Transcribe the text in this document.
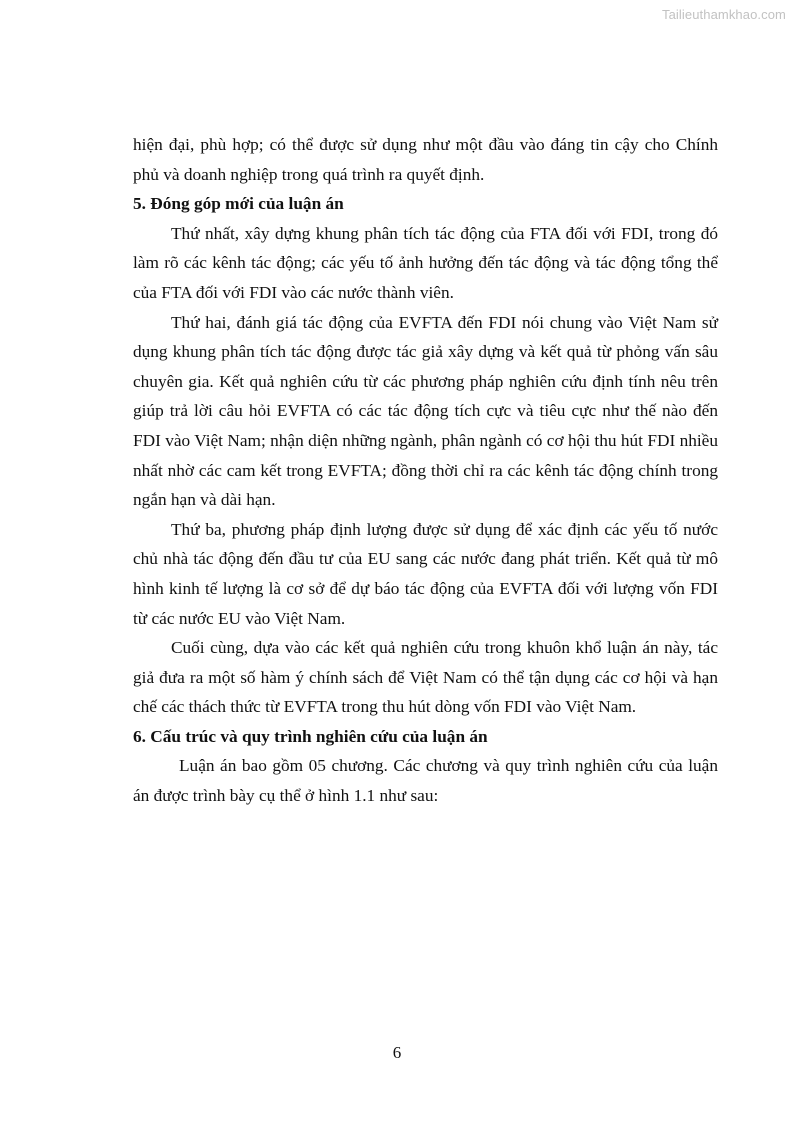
Tailieuthamkhao.com

hiện đại, phù hợp; có thể được sử dụng như một đầu vào đáng tin cậy cho Chính phủ và doanh nghiệp trong quá trình ra quyết định.

5. Đóng góp mới của luận án

Thứ nhất, xây dựng khung phân tích tác động của FTA đối với FDI, trong đó làm rõ các kênh tác động; các yếu tố ảnh hưởng đến tác động và tác động tổng thể của FTA đối với FDI vào các nước thành viên.

Thứ hai, đánh giá tác động của EVFTA đến FDI nói chung vào Việt Nam sử dụng khung phân tích tác động được tác giả xây dựng và kết quả từ phỏng vấn sâu chuyên gia. Kết quả nghiên cứu từ các phương pháp nghiên cứu định tính nêu trên giúp trả lời câu hỏi EVFTA có các tác động tích cực và tiêu cực như thế nào đến FDI vào Việt Nam; nhận diện những ngành, phân ngành có cơ hội thu hút FDI nhiều nhất nhờ các cam kết trong EVFTA; đồng thời chỉ ra các kênh tác động chính trong ngắn hạn và dài hạn.

Thứ ba, phương pháp định lượng được sử dụng để xác định các yếu tố nước chủ nhà tác động đến đầu tư của EU sang các nước đang phát triển. Kết quả từ mô hình kinh tế lượng là cơ sở để dự báo tác động của EVFTA đối với lượng vốn FDI từ các nước EU vào Việt Nam.

Cuối cùng, dựa vào các kết quả nghiên cứu trong khuôn khổ luận án này, tác giả đưa ra một số hàm ý chính sách để Việt Nam có thể tận dụng các cơ hội và hạn chế các thách thức từ EVFTA trong thu hút dòng vốn FDI vào Việt Nam.

6. Cấu trúc và quy trình nghiên cứu của luận án

Luận án bao gồm 05 chương. Các chương và quy trình nghiên cứu của luận án được trình bày cụ thể ở hình 1.1 như sau:

6
